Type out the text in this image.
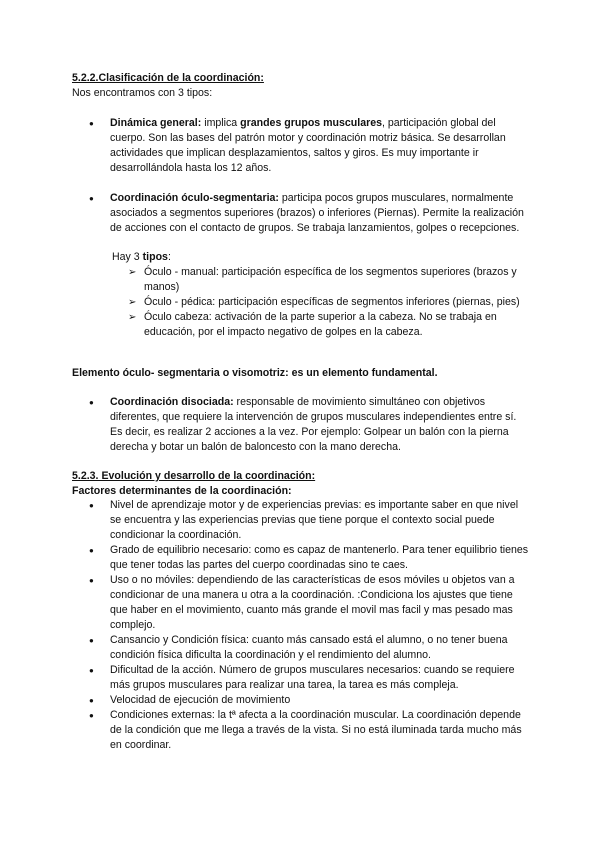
5.2.2.Clasificación de la coordinación:

Nos encontramos con 3 tipos:

● Dinámica general: implica grandes grupos musculares, participación global del cuerpo. Son las bases del patrón motor y coordinación motriz básica. Se desarrollan actividades que implican desplazamientos, saltos y giros. Es muy importante ir desarrollándola hasta los 12 años.
● Coordinación óculo-segmentaria: participa pocos grupos musculares, normalmente asociados a segmentos superiores (brazos) o inferiores (Piernas). Permite la realización de acciones con el contacto de grupos. Se trabaja lanzamientos, golpes o recepciones.

Hay 3 tipos:

➢ Óculo - manual: participación específica de los segmentos superiores (brazos y manos)
➢ Óculo - pédica: participación específicas de segmentos inferiores (piernas, pies)
➢ Óculo cabeza: activación de la parte superior a la cabeza. No se trabaja en educación, por el impacto negativo de golpes en la cabeza.

Elemento óculo- segmentaria o visomotriz: es un elemento fundamental.

● Coordinación disociada: responsable de movimiento simultáneo con objetivos diferentes, que requiere la intervención de grupos musculares independientes entre sí. Es decir, es realizar 2 acciones a la vez. Por ejemplo: Golpear un balón con la pierna derecha y botar un balón de baloncesto con la mano derecha.

5.2.3. Evolución y desarrollo de la coordinación:

Factores determinantes de la coordinación:

● Nivel de aprendizaje motor y de experiencias previas: es importante saber en que nivel se encuentra y las experiencias previas que tiene porque el contexto social puede condicionar la coordinación.
● Grado de equilibrio necesario: como es capaz de mantenerlo. Para tener equilibrio tienes que tener todas las partes del cuerpo coordinadas sino te caes.
● Uso o no móviles: dependiendo de las características de esos móviles u objetos van a condicionar de una manera u otra a la coordinación. :Condiciona los ajustes que tiene que haber en el movimiento, cuanto más grande el movil mas facil y mas pesado mas complejo.
● Cansancio y Condición física: cuanto más cansado está el alumno, o no tener buena condición física dificulta la coordinación y el rendimiento del alumno.
● Dificultad de la acción. Número de grupos musculares necesarios: cuando se requiere más grupos musculares para realizar una tarea, la tarea es más compleja.
● Velocidad de ejecución de movimiento
● Condiciones externas: la tª afecta a la coordinación muscular. La coordinación depende de la condición que me llega a través de la vista. Si no está iluminada tarda mucho más en coordinar.
